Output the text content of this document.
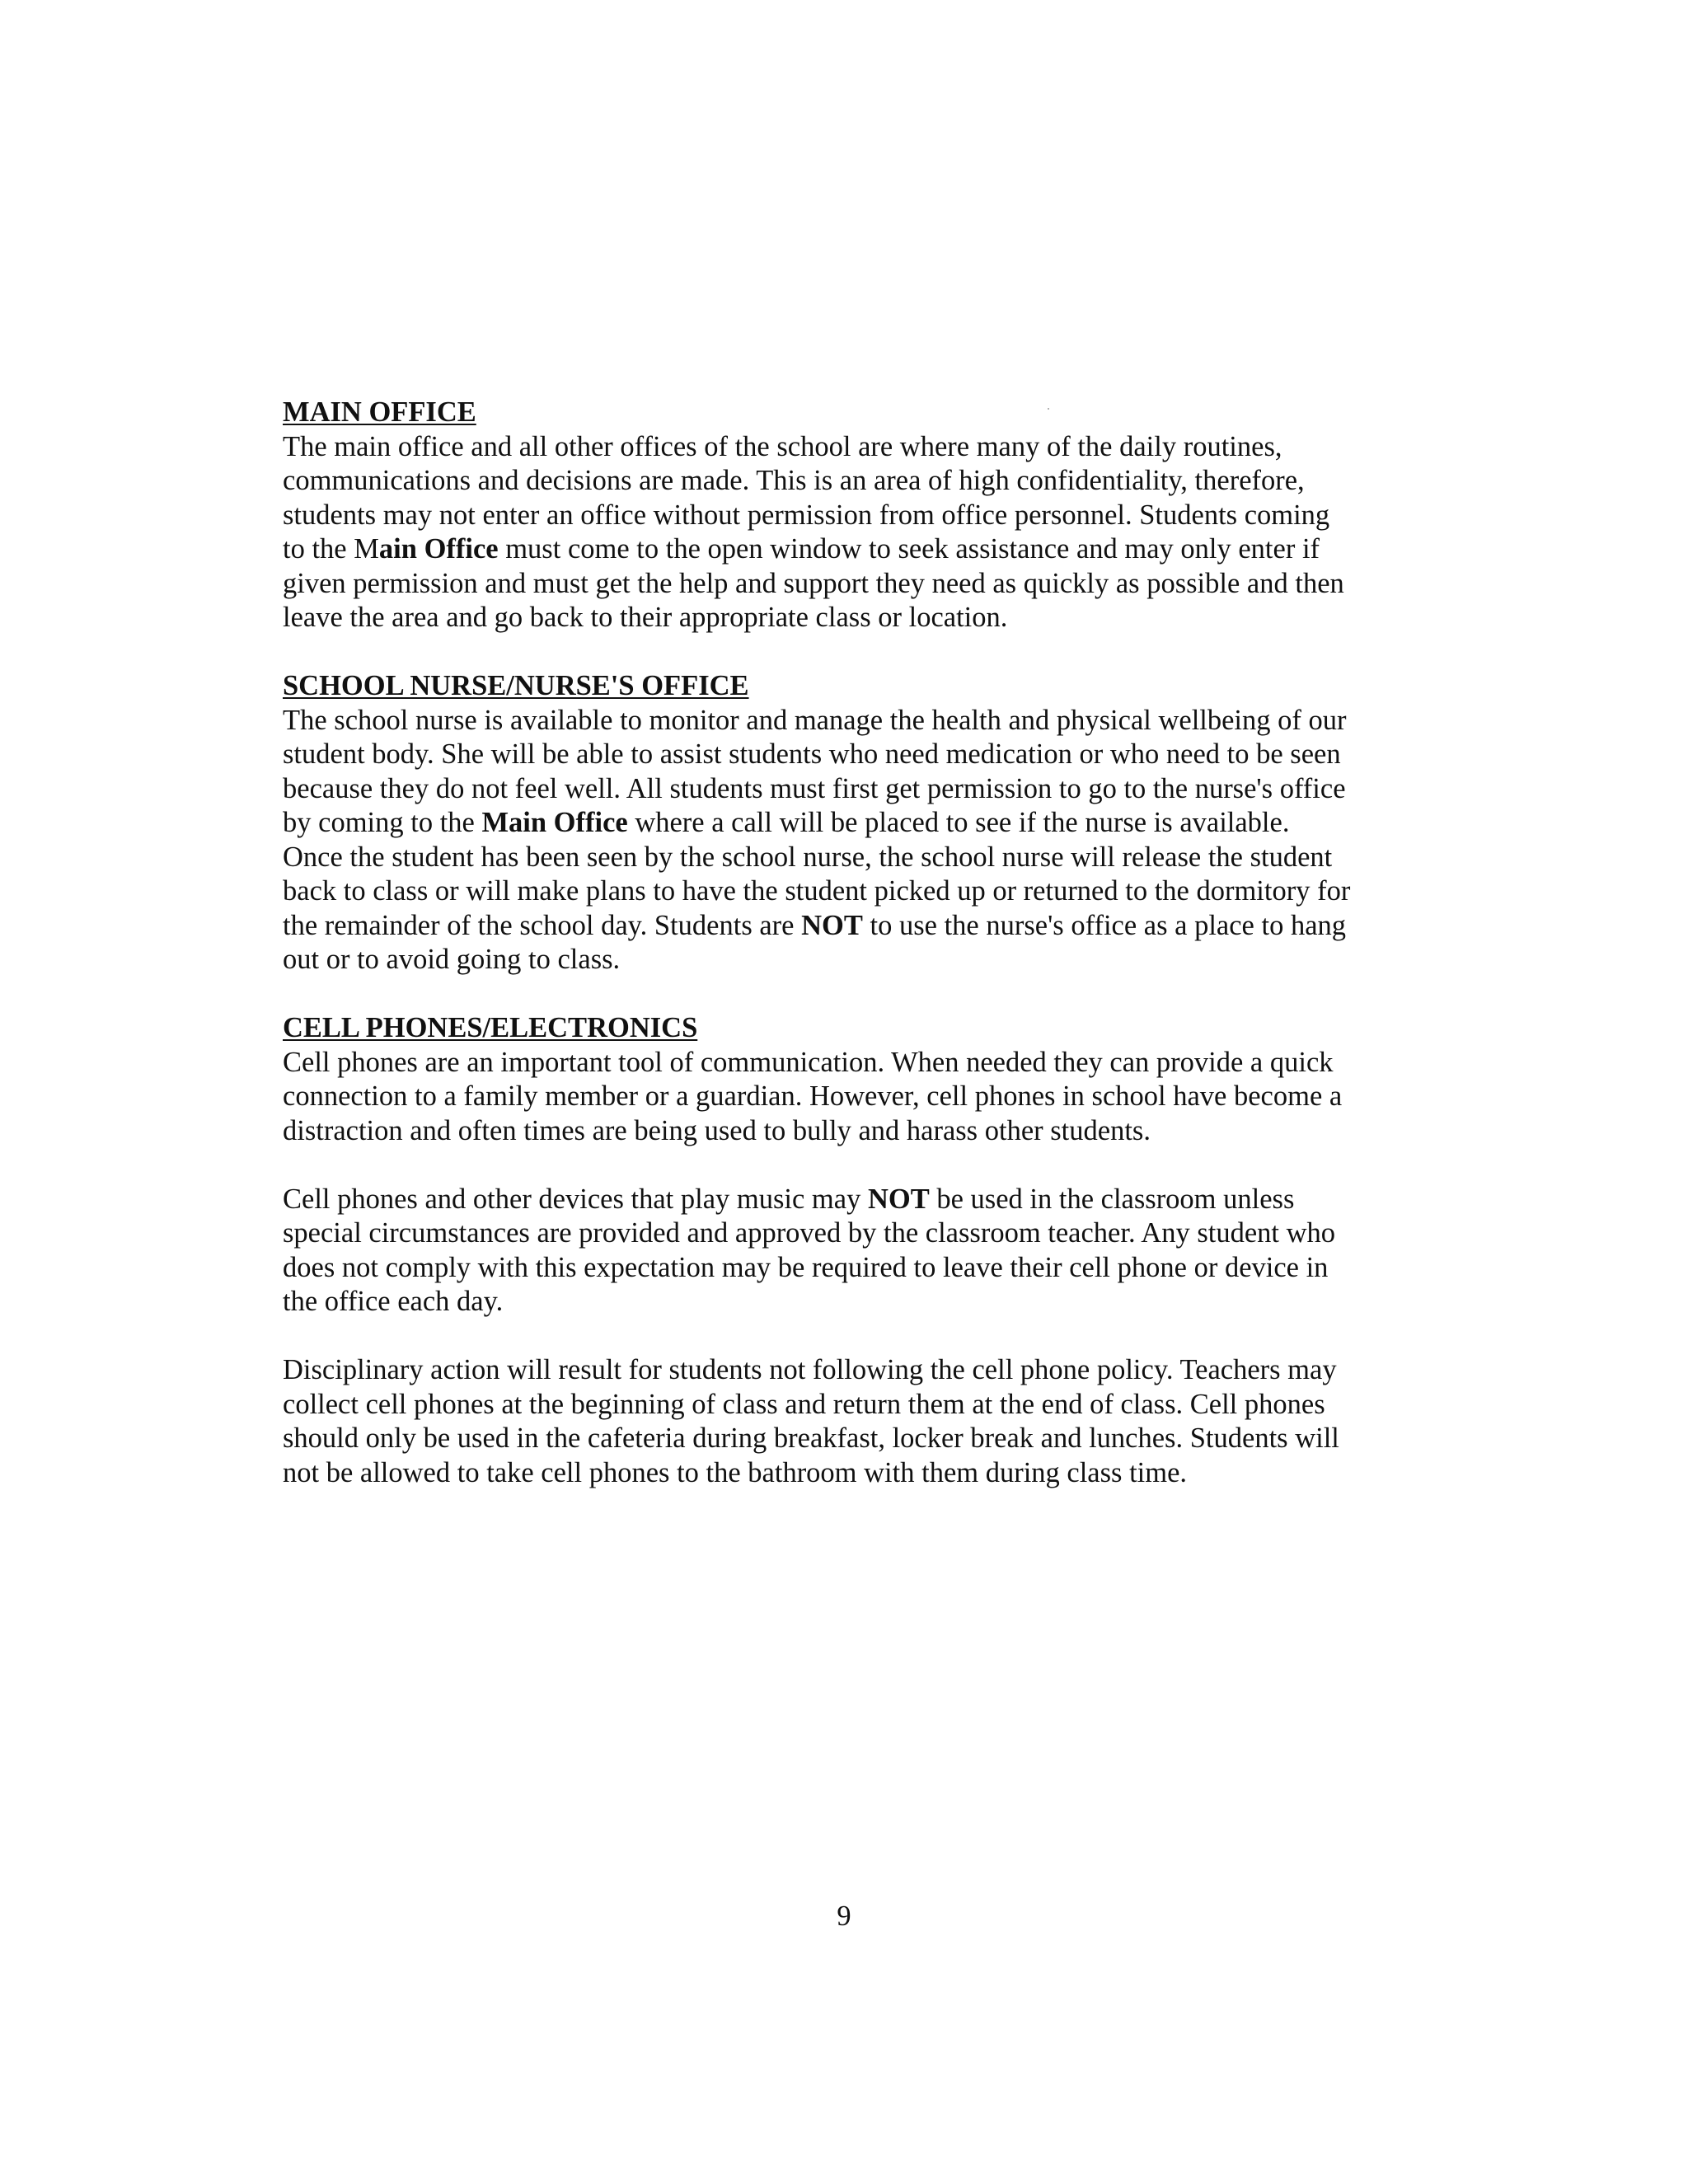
MAIN OFFICE
The main office and all other offices of the school are where many of the daily routines,
communications and decisions are made. This is an area of high confidentiality, therefore,
students may not enter an office without permission from office personnel. Students coming
to the Main Office must come to the open window to seek assistance and may only enter if
given permission and must get the help and support they need as quickly as possible and then
leave the area and go back to their appropriate class or location.
SCHOOL NURSE/NURSE'S OFFICE
The school nurse is available to monitor and manage the health and physical wellbeing of our
student body. She will be able to assist students who need medication or who need to be seen
because they do not feel well. All students must first get permission to go to the nurse's office
by coming to the Main Office where a call will be placed to see if the nurse is available.
Once the student has been seen by the school nurse, the school nurse will release the student
back to class or will make plans to have the student picked up or returned to the dormitory for
the remainder of the school day. Students are NOT to use the nurse's office as a place to hang
out or to avoid going to class.
CELL PHONES/ELECTRONICS
Cell phones are an important tool of communication. When needed they can provide a quick
connection to a family member or a guardian. However, cell phones in school have become a
distraction and often times are being used to bully and harass other students.
Cell phones and other devices that play music may NOT be used in the classroom unless
special circumstances are provided and approved by the classroom teacher. Any student who
does not comply with this expectation may be required to leave their cell phone or device in
the office each day.
Disciplinary action will result for students not following the cell phone policy. Teachers may
collect cell phones at the beginning of class and return them at the end of class. Cell phones
should only be used in the cafeteria during breakfast, locker break and lunches. Students will
not be allowed to take cell phones to the bathroom with them during class time.
9
